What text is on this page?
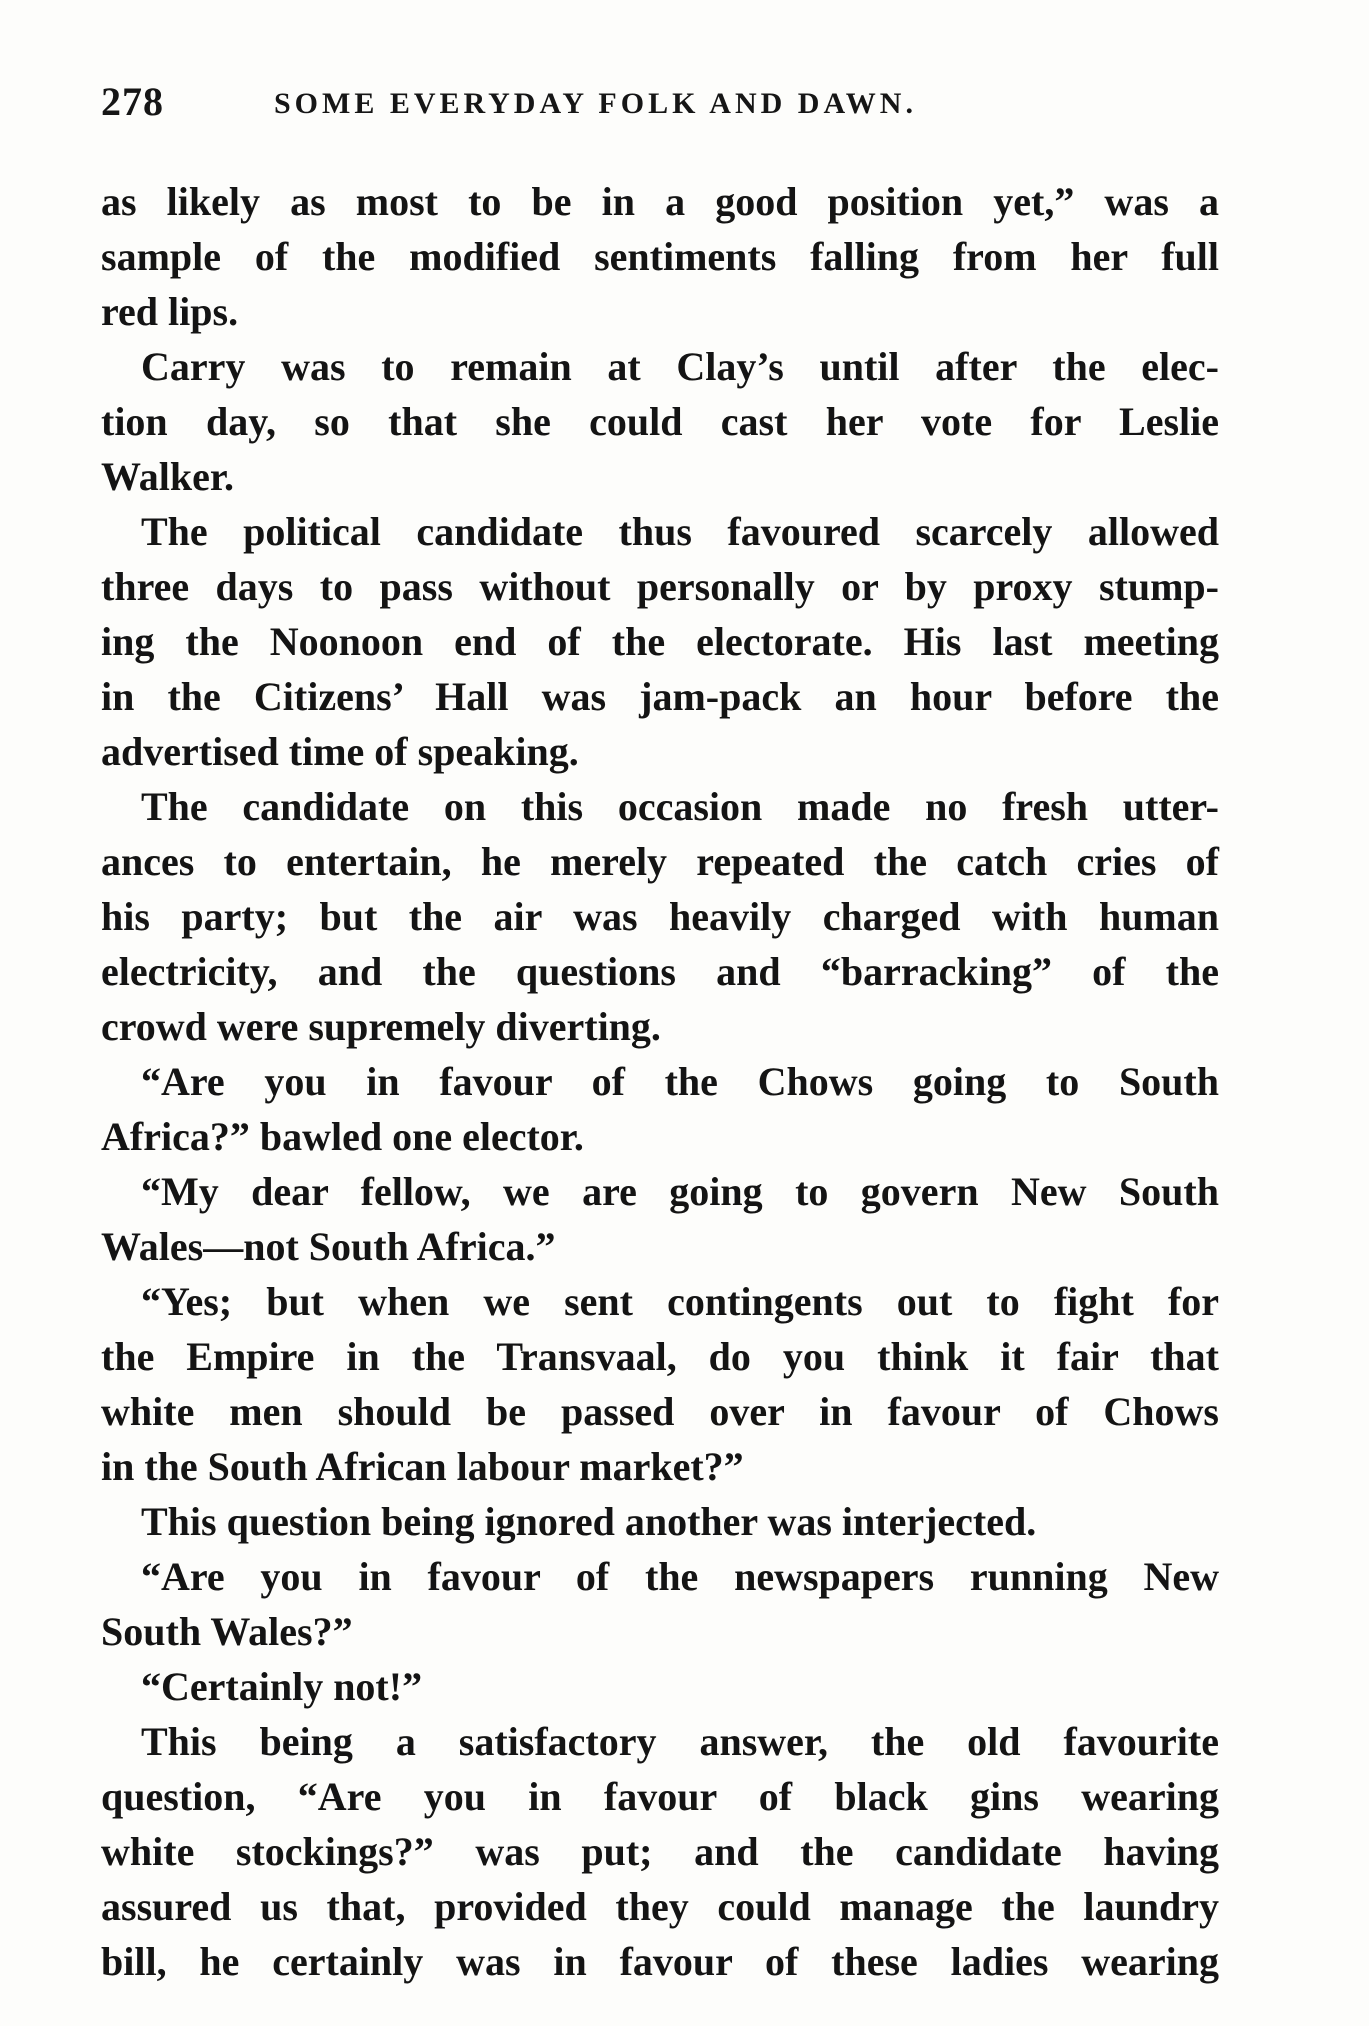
278	SOME EVERYDAY FOLK AND DAWN.
as likely as most to be in a good position yet,” was a
sample of the modified sentiments falling from her full
red lips.
Carry was to remain at Clay’s until after the elec-
tion day, so that she could cast her vote for Leslie
Walker.
The political candidate thus favoured scarcely allowed
three days to pass without personally or by proxy stump-
ing the Noonoon end of the electorate. His last meeting
in the Citizens’ Hall was jam-pack an hour before the
advertised time of speaking.
The candidate on this occasion made no fresh utter-
ances to entertain, he merely repeated the catch cries of
his party; but the air was heavily charged with human
electricity, and the questions and “barracking” of the
crowd were supremely diverting.
“Are you in favour of the Chows going to South
Africa?” bawled one elector.
“My dear fellow, we are going to govern New South
Wales—not South Africa.”
“Yes; but when we sent contingents out to fight for
the Empire in the Transvaal, do you think it fair that
white men should be passed over in favour of Chows
in the South African labour market?”
This question being ignored another was interjected.
“Are you in favour of the newspapers running New
South Wales?”
“Certainly not!”
This being a satisfactory answer, the old favourite
question, “Are you in favour of black gins wearing
white stockings?” was put; and the candidate having
assured us that, provided they could manage the laundry
bill, he certainly was in favour of these ladies wearing
